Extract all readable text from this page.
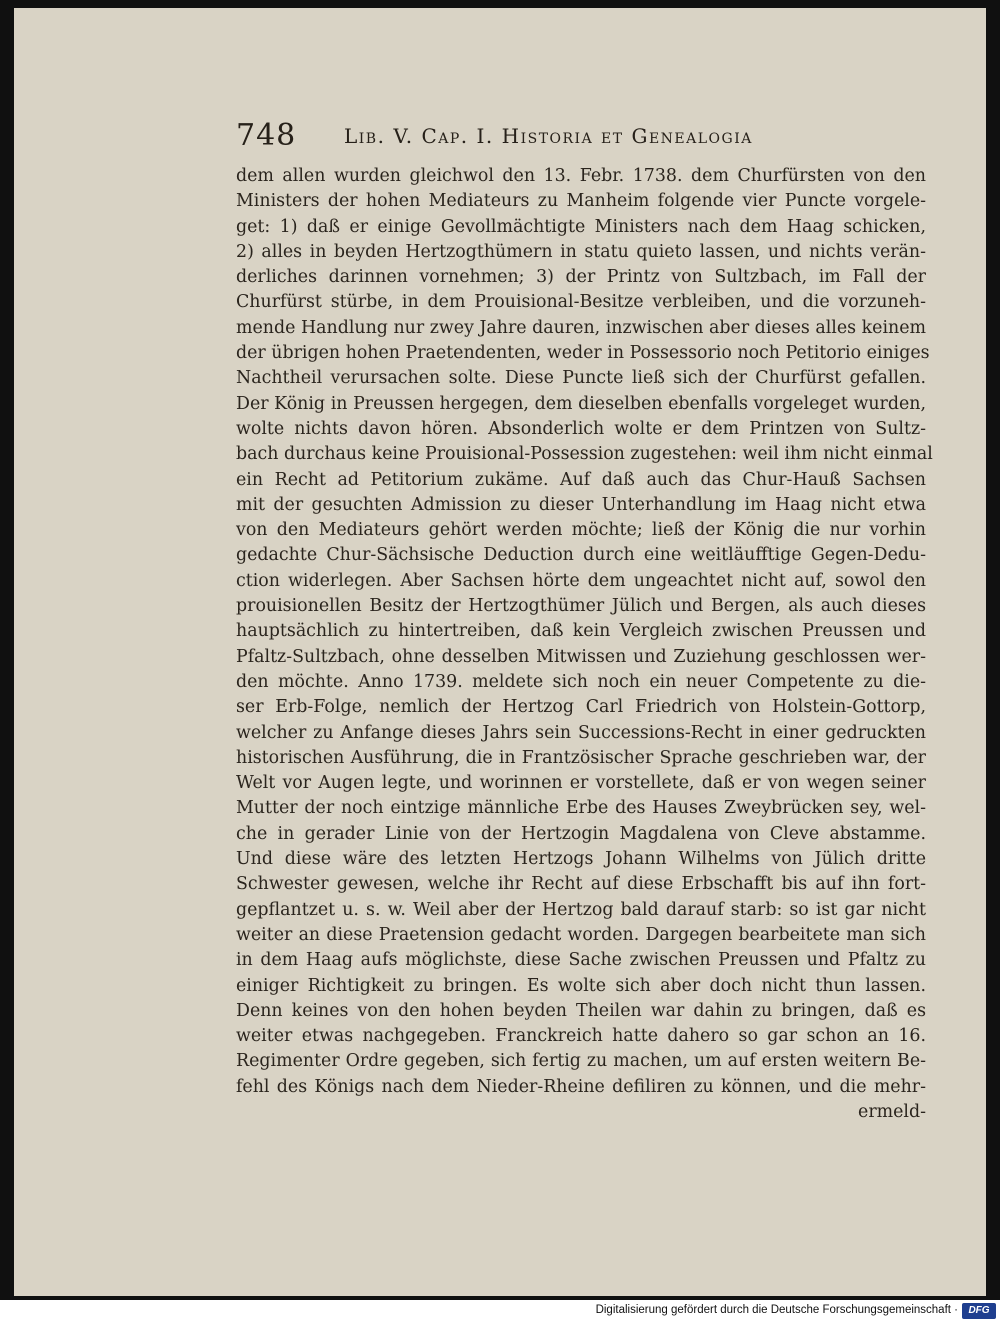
748 Lib. V. Cap. I. Historia et Genealogia
dem allen wurden gleichwol den 13. Febr. 1738. dem Churfürsten von den
Ministers der hohen Mediateurs zu Manheim folgende vier Puncte vorgele-
get: 1) daß er einige Gevollmächtigte Ministers nach dem Haag schicken,
2) alles in beyden Hertzogthümern in statu quieto lassen, und nichts verän-
derliches darinnen vornehmen; 3) der Printz von Sultzbach, im Fall der
Churfürst stürbe, in dem Prouisional-Besitze verbleiben, und die vorzuneh-
mende Handlung nur zwey Jahre dauren, inzwischen aber dieses alles keinem
der übrigen hohen Praetendenten, weder in Possessorio noch Petitorio einiges
Nachtheil verursachen solte. Diese Puncte ließ sich der Churfürst gefallen.
Der König in Preussen hergegen, dem dieselben ebenfalls vorgeleget wurden,
wolte nichts davon hören. Absonderlich wolte er dem Printzen von Sultz-
bach durchaus keine Prouisional-Possession zugestehen: weil ihm nicht einmal
ein Recht ad Petitorium zukäme. Auf daß auch das Chur-Hauß Sachsen
mit der gesuchten Admission zu dieser Unterhandlung im Haag nicht etwa
von den Mediateurs gehört werden möchte; ließ der König die nur vorhin
gedachte Chur-Sächsische Deduction durch eine weitläufftige Gegen-Dedu-
ction widerlegen. Aber Sachsen hörte dem ungeachtet nicht auf, sowol den
prouisionellen Besitz der Hertzogthümer Jülich und Bergen, als auch dieses
hauptsächlich zu hintertreiben, daß kein Vergleich zwischen Preussen und
Pfaltz-Sultzbach, ohne desselben Mitwissen und Zuziehung geschlossen wer-
den möchte. Anno 1739. meldete sich noch ein neuer Competente zu die-
ser Erb-Folge, nemlich der Hertzog Carl Friedrich von Holstein-Gottorp,
welcher zu Anfange dieses Jahrs sein Successions-Recht in einer gedruckten
historischen Ausführung, die in Frantzösischer Sprache geschrieben war, der
Welt vor Augen legte, und worinnen er vorstellete, daß er von wegen seiner
Mutter der noch eintzige männliche Erbe des Hauses Zweybrücken sey, wel-
che in gerader Linie von der Hertzogin Magdalena von Cleve abstamme.
Und diese wäre des letzten Hertzogs Johann Wilhelms von Jülich dritte
Schwester gewesen, welche ihr Recht auf diese Erbschafft bis auf ihn fort-
gepflantzet u. s. w. Weil aber der Hertzog bald darauf starb: so ist gar nicht
weiter an diese Praetension gedacht worden. Dargegen bearbeitete man sich
in dem Haag aufs möglichste, diese Sache zwischen Preussen und Pfaltz zu
einiger Richtigkeit zu bringen. Es wolte sich aber doch nicht thun lassen.
Denn keines von den hohen beyden Theilen war dahin zu bringen, daß es
weiter etwas nachgegeben. Franckreich hatte dahero so gar schon an 16.
Regimenter Ordre gegeben, sich fertig zu machen, um auf ersten weitern Be-
fehl des Königs nach dem Nieder-Rheine defiliren zu können, und die mehr-
ermeld-
Digitalisierung gefördert durch die Deutsche Forschungsgemeinschaft ·	DFG
